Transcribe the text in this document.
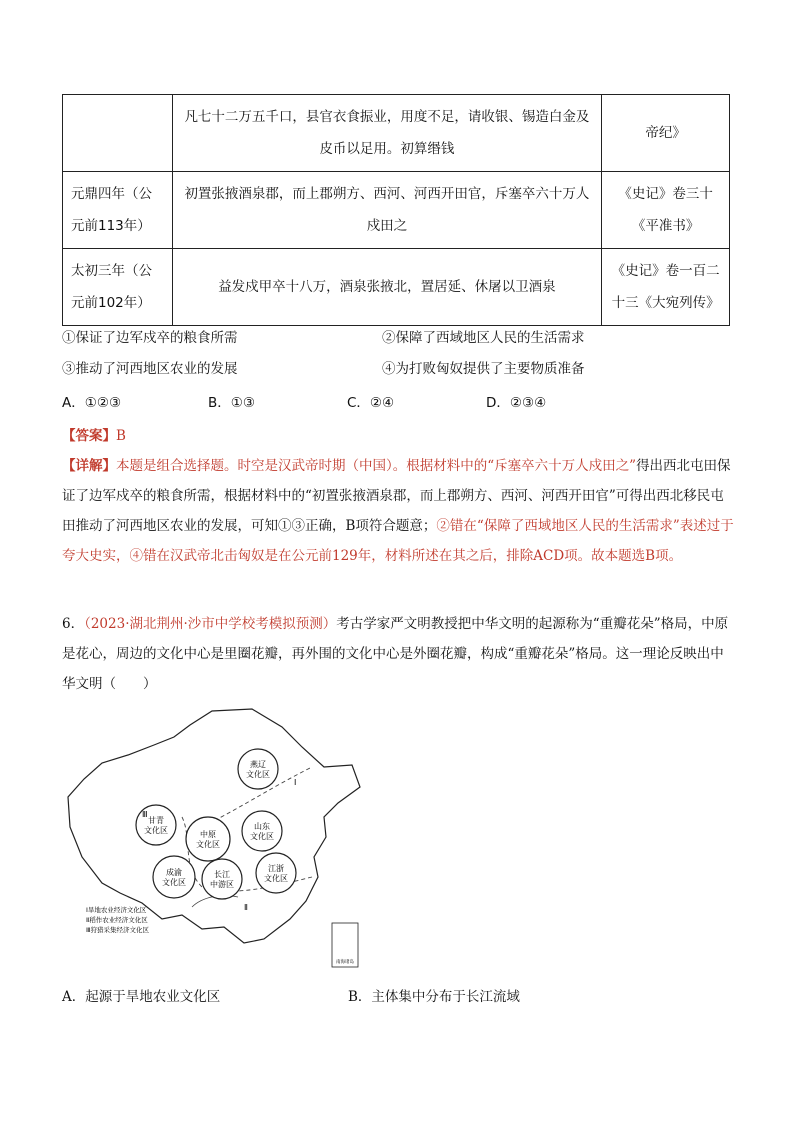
	凡七十二万五千口，县官衣食振业，用度不足，请收银、锡造白金及皮币以足用。初算缗钱	帝纪》
元鼎四年（公元前113年）	初置张掖酒泉郡，而上郡朔方、西河、河西开田官，斥塞卒六十万人戍田之	《史记》卷三十《平准书》
太初三年（公元前102年）	益发戍甲卒十八万，酒泉张掖北，置居延、休屠以卫酒泉	《史记》卷一百二十三《大宛列传》
①保证了边军戍卒的粮食所需	②保障了西域地区人民的生活需求
③推动了河西地区农业的发展	④为打败匈奴提供了主要物质准备
A．①②③	B．①③	C．②④	D．②③④
【答案】B
【详解】本题是组合选择题。时空是汉武帝时期（中国）。根据材料中的“斥塞卒六十万人戍田之”得出西北屯田保证了边军戍卒的粮食所需，根据材料中的“初置张掖酒泉郡，而上郡朔方、西河、河西开田官”可得出西北移民屯田推动了河西地区农业的发展，可知①③正确，B项符合题意；②错在“保障了西域地区人民的生活需求”表述过于夸大史实，④错在汉武帝北击匈奴是在公元前129年，材料所述在其之后，排除ACD项。故本题选B项。
6．（2023·湖北荆州·沙市中学校考模拟预测）考古学家严文明教授把中华文明的起源称为“重瓣花朵”格局，中原是花心，周边的文化中心是里圈花瓣，再外围的文化中心是外圈花瓣，构成“重瓣花朵”格局。这一理论反映出中华文明（　　）
燕辽
文化区
甘青
文化区	中原
文化区
山东
文化区
成渝
文化区
长江
中游区
江浙
文化区
Ⅲ
Ⅰ
Ⅱ
Ⅰ旱地农业经济文化区
Ⅱ稻作农业经济文化区
Ⅲ狩猎采集经济文化区
南海诸岛
A．起源于旱地农业文化区	B．主体集中分布于长江流域
